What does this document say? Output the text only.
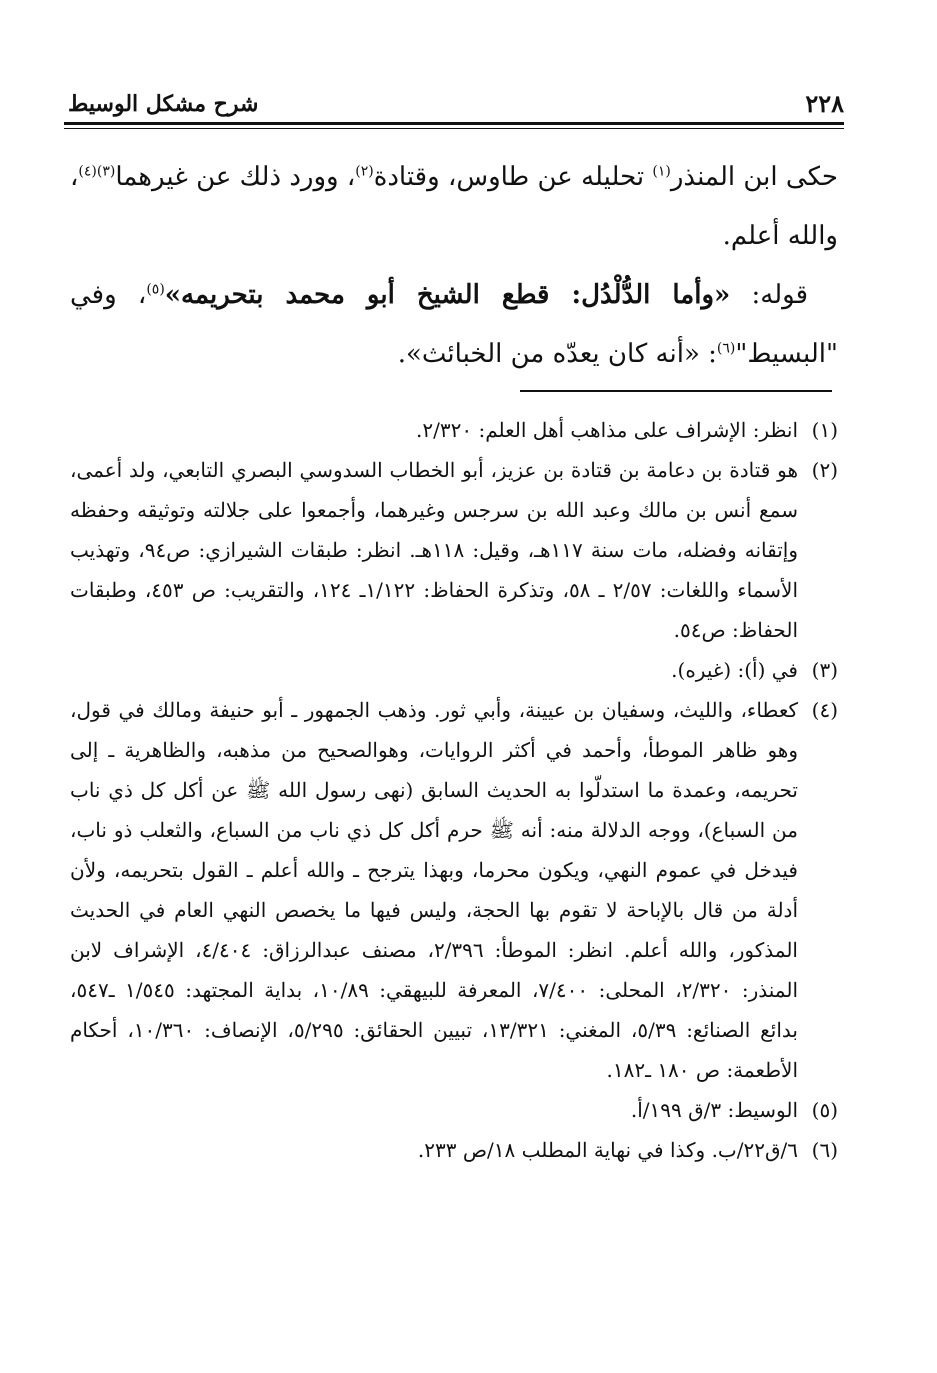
٢٢٨
شرح مشكل الوسيط

حكى ابن المنذر$^{(١)}$ تحليله عن طاوس، وقتادة$^{(٢)}$، وورد ذلك عن غيرهما$^{(٣)(٤)}$، والله أعلم.

قوله: «وأما الدُّلْدُل: قطع الشيخ أبو محمد بتحريمه»$^{(٥)}$، وفي "البسيط"$^{(٦)}$: «أنه كان يعدّه من الخبائث».

(١)
انظر: الإشراف على مذاهب أهل العلم: ٢/٣٢٠.

(٢)
هو قتادة بن دعامة بن قتادة بن عزيز، أبو الخطاب السدوسي البصري التابعي، ولد أعمى، سمع أنس بن مالك وعبد الله بن سرجس وغيرهما، وأجمعوا على جلالته وتوثيقه وحفظه وإتقانه وفضله، مات سنة ١١٧هـ، وقيل: ١١٨هـ. انظر: طبقات الشيرازي: ص٩٤، وتهذيب الأسماء واللغات: ٢/٥٧ ـ ٥٨، وتذكرة الحفاظ: ١/١٢٢ـ ١٢٤، والتقريب: ص ٤٥٣، وطبقات الحفاظ: ص٥٤.

(٣)
في (أ): (غيره).

(٤)
كعطاء، والليث، وسفيان بن عيينة، وأبي ثور. وذهب الجمهور ـ أبو حنيفة ومالك في قول، وهو ظاهر الموطأ، وأحمد في أكثر الروايات، وهوالصحيح من مذهبه، والظاهرية ـ إلى تحريمه، وعمدة ما استدلّوا به الحديث السابق (نهى رسول الله ﷺ عن أكل كل ذي ناب من السباع)، ووجه الدلالة منه: أنه ﷺ حرم أكل كل ذي ناب من السباع، والثعلب ذو ناب، فيدخل في عموم النهي، ويكون محرما، وبهذا يترجح ـ والله أعلم ـ القول بتحريمه، ولأن أدلة من قال بالإباحة لا تقوم بها الحجة، وليس فيها ما يخصص النهي العام في الحديث المذكور، والله أعلم. انظر: الموطأ: ٢/٣٩٦، مصنف عبدالرزاق: ٤/٤٠٤، الإشراف لابن المنذر: ٢/٣٢٠، المحلى: ٧/٤٠٠، المعرفة للبيهقي: ١٠/٨٩، بداية المجتهد: ١/٥٤٥ ـ٥٤٧، بدائع الصنائع: ٥/٣٩، المغني: ١٣/٣٢١، تبيين الحقائق: ٥/٢٩٥، الإنصاف: ١٠/٣٦٠، أحكام الأطعمة: ص ١٨٠ ـ١٨٢.

(٥)
الوسيط: ٣/ق ١٩٩/أ.

(٦)
٦/ق٢٢/ب. وكذا في نهاية المطلب ١٨/ص ٢٣٣.
